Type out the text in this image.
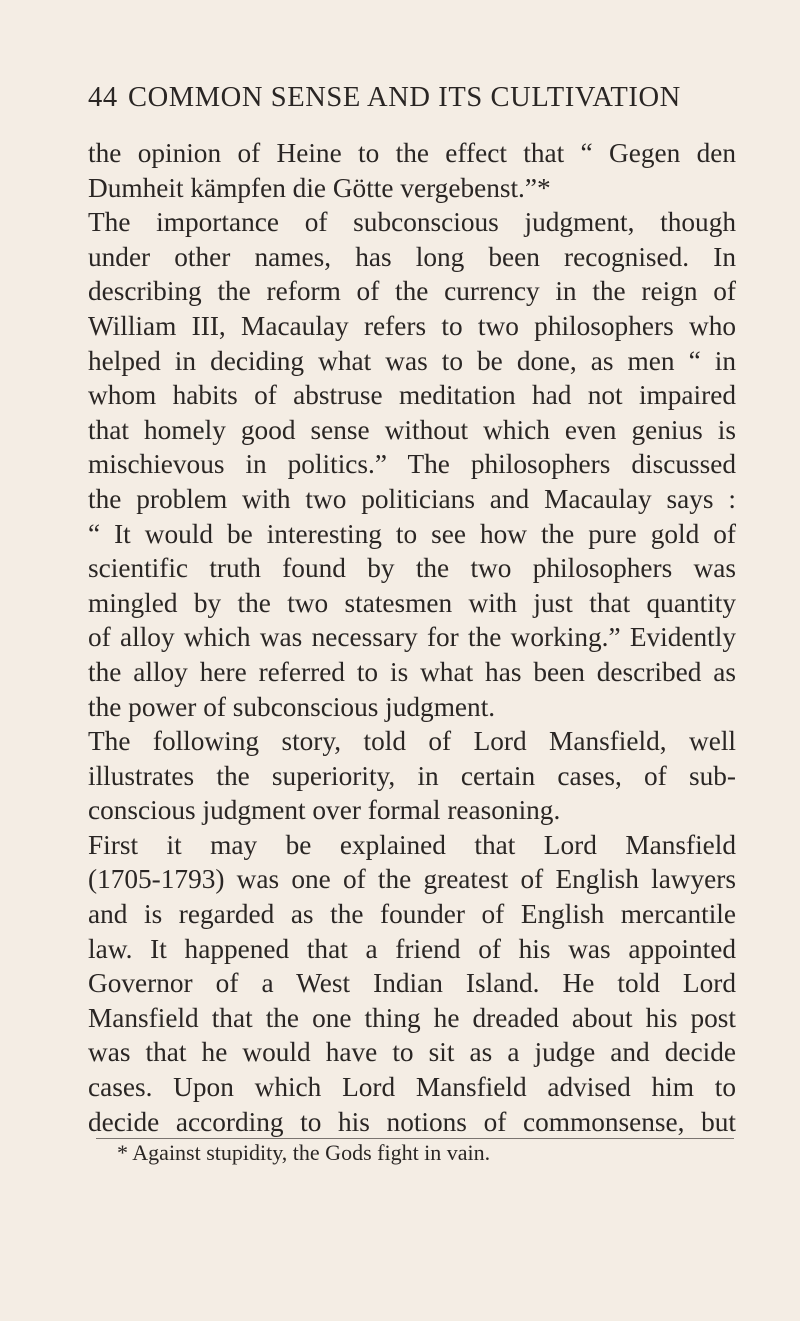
44 COMMON SENSE AND ITS CULTIVATION

the opinion of Heine to the effect that “ Gegen den

Dumheit kämpfen die Götte vergebenst.”*

The importance of subconscious judgment, though

under other names, has long been recognised. In

describing the reform of the currency in the reign of

William III, Macaulay refers to two philosophers who

helped in deciding what was to be done, as men “ in

whom habits of abstruse meditation had not impaired

that homely good sense without which even genius is

mischievous in politics.” The philosophers discussed

the problem with two politicians and Macaulay says :

“ It would be interesting to see how the pure gold of

scientific truth found by the two philosophers was

mingled by the two statesmen with just that quantity

of alloy which was necessary for the working.” Evidently

the alloy here referred to is what has been described as

the power of subconscious judgment.

The following story, told of Lord Mansfield, well

illustrates the superiority, in certain cases, of sub-

conscious judgment over formal reasoning.

First it may be explained that Lord Mansfield

(1705-1793) was one of the greatest of English lawyers

and is regarded as the founder of English mercantile

law. It happened that a friend of his was appointed

Governor of a West Indian Island. He told Lord

Mansfield that the one thing he dreaded about his post

was that he would have to sit as a judge and decide

cases. Upon which Lord Mansfield advised him to

decide according to his notions of commonsense, but

* Against stupidity, the Gods fight in vain.
